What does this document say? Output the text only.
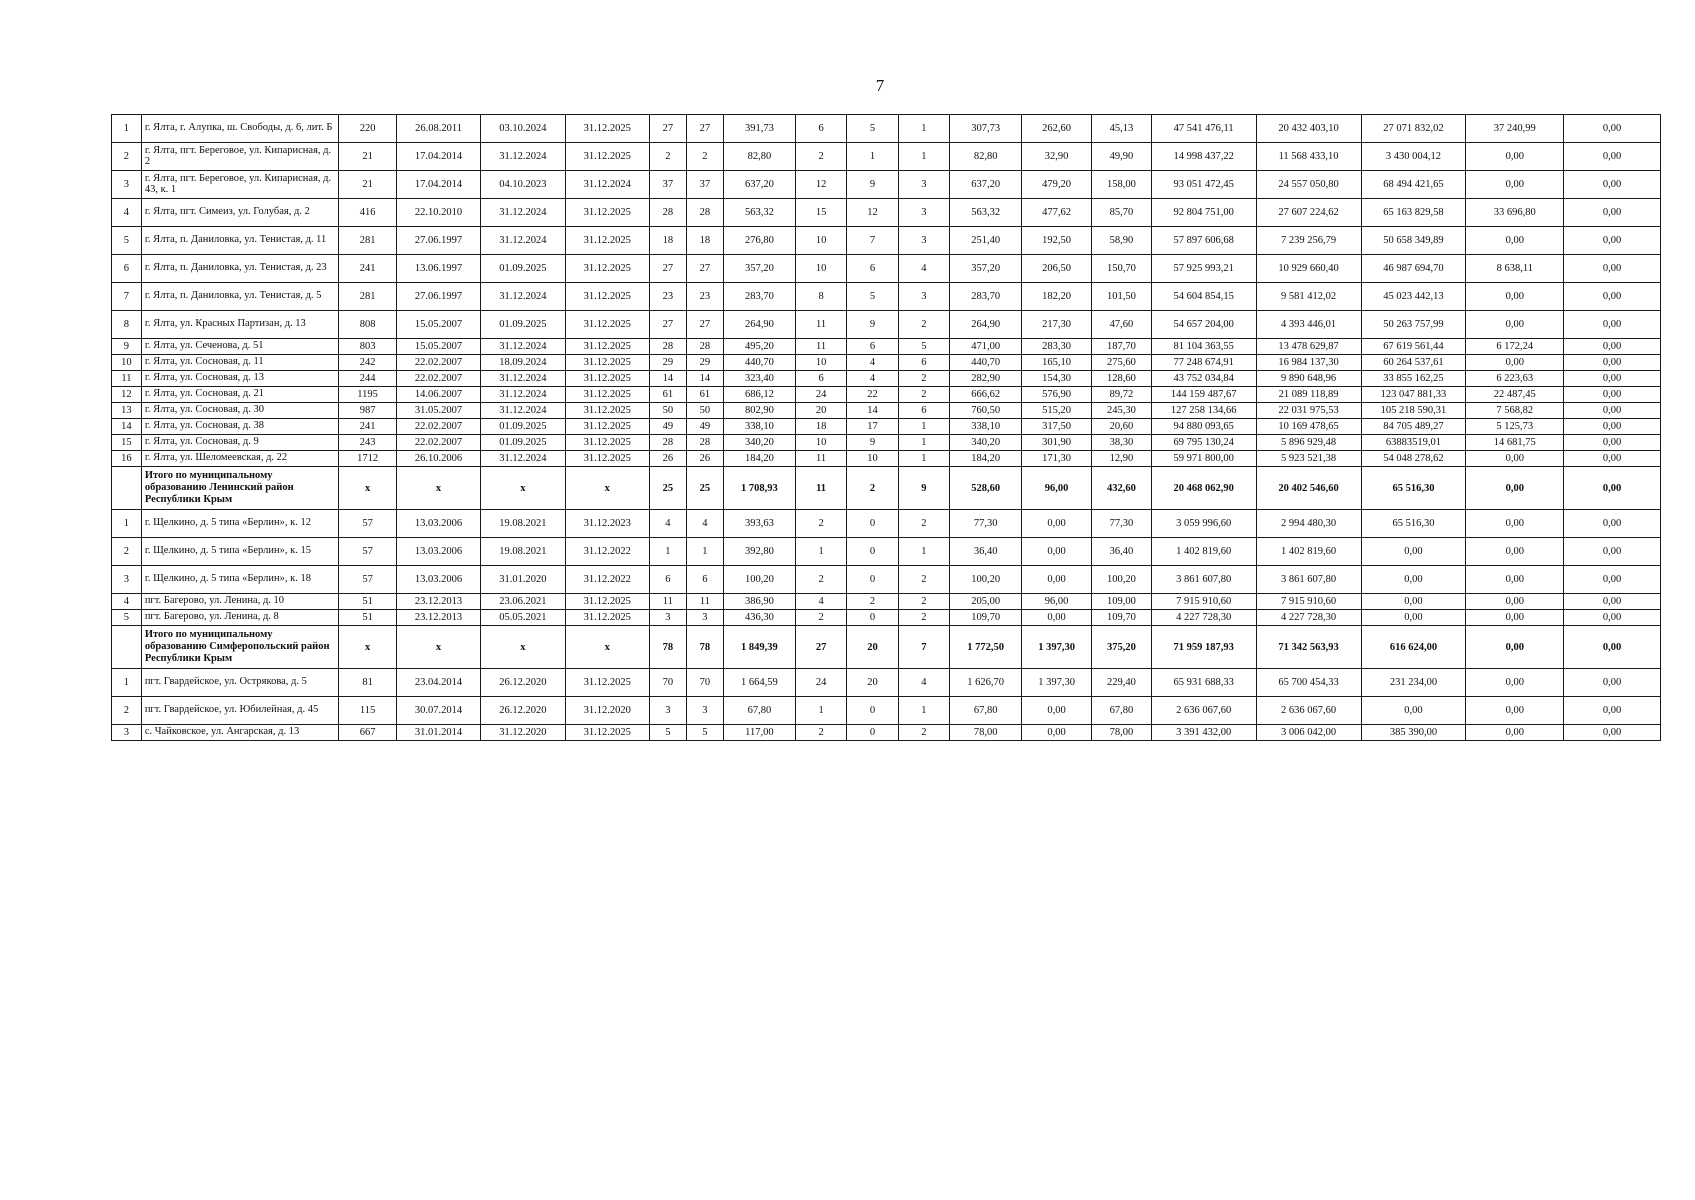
7
1	г. Ялта, г. Алупка, ш. Свободы, д. 6, лит. Б	220	26.08.2011	03.10.2024	31.12.2025	27	27	391,73	6	5	1	307,73	262,60	45,13	47 541 476,11	20 432 403,10	27 071 832,02	37 240,99	0,00
2	г. Ялта, пгт. Береговое, ул. Кипарисная, д. 2	21	17.04.2014	31.12.2024	31.12.2025	2	2	82,80	2	1	1	82,80	32,90	49,90	14 998 437,22	11 568 433,10	3 430 004,12	0,00	0,00
3	г. Ялта, пгт. Береговое, ул. Кипарисная, д. 43, к. 1	21	17.04.2014	04.10.2023	31.12.2024	37	37	637,20	12	9	3	637,20	479,20	158,00	93 051 472,45	24 557 050,80	68 494 421,65	0,00	0,00
4	г. Ялта, пгт. Симеиз, ул. Голубая, д. 2	416	22.10.2010	31.12.2024	31.12.2025	28	28	563,32	15	12	3	563,32	477,62	85,70	92 804 751,00	27 607 224,62	65 163 829,58	33 696,80	0,00
5	г. Ялта, п. Даниловка, ул. Тенистая, д. 11	281	27.06.1997	31.12.2024	31.12.2025	18	18	276,80	10	7	3	251,40	192,50	58,90	57 897 606,68	7 239 256,79	50 658 349,89	0,00	0,00
6	г. Ялта, п. Даниловка, ул. Тенистая, д. 23	241	13.06.1997	01.09.2025	31.12.2025	27	27	357,20	10	6	4	357,20	206,50	150,70	57 925 993,21	10 929 660,40	46 987 694,70	8 638,11	0,00
7	г. Ялта, п. Даниловка, ул. Тенистая, д. 5	281	27.06.1997	31.12.2024	31.12.2025	23	23	283,70	8	5	3	283,70	182,20	101,50	54 604 854,15	9 581 412,02	45 023 442,13	0,00	0,00
8	г. Ялта, ул. Красных Партизан, д. 13	808	15.05.2007	01.09.2025	31.12.2025	27	27	264,90	11	9	2	264,90	217,30	47,60	54 657 204,00	4 393 446,01	50 263 757,99	0,00	0,00
9	г. Ялта, ул. Сеченова, д. 51	803	15.05.2007	31.12.2024	31.12.2025	28	28	495,20	11	6	5	471,00	283,30	187,70	81 104 363,55	13 478 629,87	67 619 561,44	6 172,24	0,00
10	г. Ялта, ул. Сосновая, д. 11	242	22.02.2007	18.09.2024	31.12.2025	29	29	440,70	10	4	6	440,70	165,10	275,60	77 248 674,91	16 984 137,30	60 264 537,61	0,00	0,00
11	г. Ялта, ул. Сосновая, д. 13	244	22.02.2007	31.12.2024	31.12.2025	14	14	323,40	6	4	2	282,90	154,30	128,60	43 752 034,84	9 890 648,96	33 855 162,25	6 223,63	0,00
12	г. Ялта, ул. Сосновая, д. 21	1195	14.06.2007	31.12.2024	31.12.2025	61	61	686,12	24	22	2	666,62	576,90	89,72	144 159 487,67	21 089 118,89	123 047 881,33	22 487,45	0,00
13	г. Ялта, ул. Сосновая, д. 30	987	31.05.2007	31.12.2024	31.12.2025	50	50	802,90	20	14	6	760,50	515,20	245,30	127 258 134,66	22 031 975,53	105 218 590,31	7 568,82	0,00
14	г. Ялта, ул. Сосновая, д. 38	241	22.02.2007	01.09.2025	31.12.2025	49	49	338,10	18	17	1	338,10	317,50	20,60	94 880 093,65	10 169 478,65	84 705 489,27	5 125,73	0,00
15	г. Ялта, ул. Сосновая, д. 9	243	22.02.2007	01.09.2025	31.12.2025	28	28	340,20	10	9	1	340,20	301,90	38,30	69 795 130,24	5 896 929,48	63883519,01	14 681,75	0,00
16	г. Ялта, ул. Шеломеевская, д. 22	1712	26.10.2006	31.12.2024	31.12.2025	26	26	184,20	11	10	1	184,20	171,30	12,90	59 971 800,00	5 923 521,38	54 048 278,62	0,00	0,00
	Итого по муниципальному образованию Ленинский район Республики Крым	x	x	x	x	25	25	1 708,93	11	2	9	528,60	96,00	432,60	20 468 062,90	20 402 546,60	65 516,30	0,00	0,00
1	г. Щелкино, д. 5 типа «Берлин», к. 12	57	13.03.2006	19.08.2021	31.12.2023	4	4	393,63	2	0	2	77,30	0,00	77,30	3 059 996,60	2 994 480,30	65 516,30	0,00	0,00
2	г. Щелкино, д. 5 типа «Берлин», к. 15	57	13.03.2006	19.08.2021	31.12.2022	1	1	392,80	1	0	1	36,40	0,00	36,40	1 402 819,60	1 402 819,60	0,00	0,00	0,00
3	г. Щелкино, д. 5 типа «Берлин», к. 18	57	13.03.2006	31.01.2020	31.12.2022	6	6	100,20	2	0	2	100,20	0,00	100,20	3 861 607,80	3 861 607,80	0,00	0,00	0,00
4	пгт. Багерово, ул. Ленина, д. 10	51	23.12.2013	23.06.2021	31.12.2025	11	11	386,90	4	2	2	205,00	96,00	109,00	7 915 910,60	7 915 910,60	0,00	0,00	0,00
5	пгт. Багерово, ул. Ленина, д. 8	51	23.12.2013	05.05.2021	31.12.2025	3	3	436,30	2	0	2	109,70	0,00	109,70	4 227 728,30	4 227 728,30	0,00	0,00	0,00
	Итого по муниципальному образованию Симферопольский район Республики Крым	x	x	x	x	78	78	1 849,39	27	20	7	1 772,50	1 397,30	375,20	71 959 187,93	71 342 563,93	616 624,00	0,00	0,00
1	пгт. Гвардейское, ул. Острякова, д. 5	81	23.04.2014	26.12.2020	31.12.2025	70	70	1 664,59	24	20	4	1 626,70	1 397,30	229,40	65 931 688,33	65 700 454,33	231 234,00	0,00	0,00
2	пгт. Гвардейское, ул. Юбилейная, д. 45	115	30.07.2014	26.12.2020	31.12.2020	3	3	67,80	1	0	1	67,80	0,00	67,80	2 636 067,60	2 636 067,60	0,00	0,00	0,00
3	с. Чайковское, ул. Ангарская, д. 13	667	31.01.2014	31.12.2020	31.12.2025	5	5	117,00	2	0	2	78,00	0,00	78,00	3 391 432,00	3 006 042,00	385 390,00	0,00	0,00
